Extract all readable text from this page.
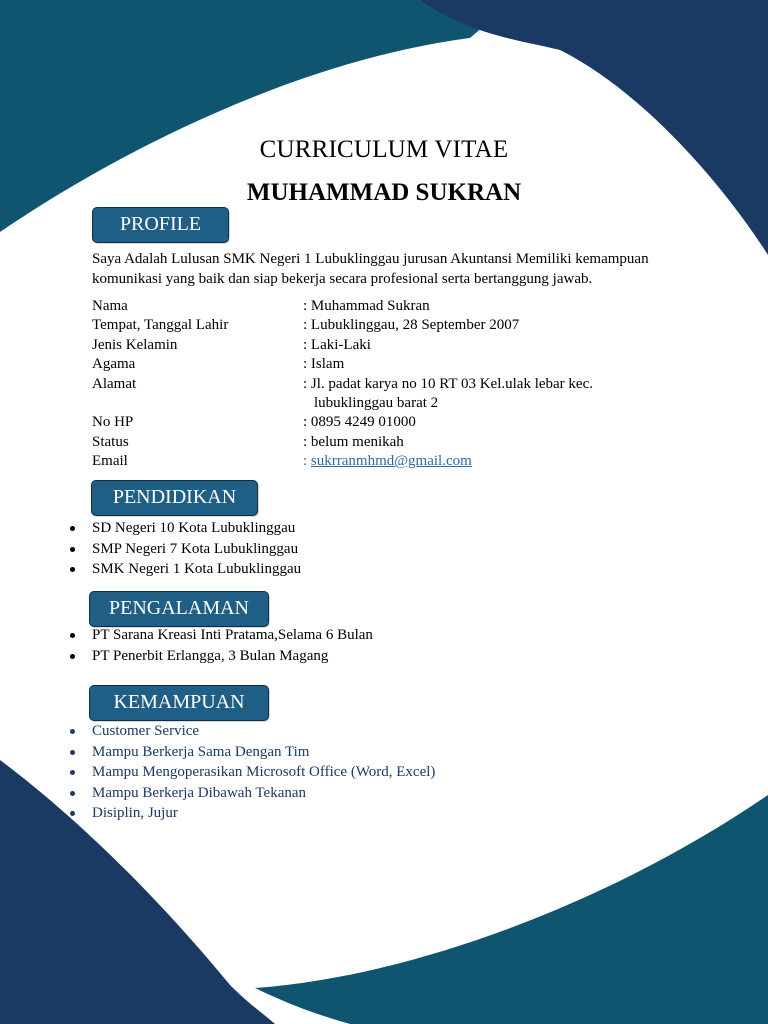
CURRICULUM VITAE
MUHAMMAD SUKRAN
PROFILE
Saya Adalah Lulusan SMK Negeri 1 Lubuklinggau jurusan Akuntansi Memiliki kemampuan komunikasi yang baik dan siap bekerja secara profesional serta bertanggung jawab.
Nama	: Muhammad Sukran
Tempat, Tanggal Lahir	: Lubuklinggau, 28 September 2007
Jenis Kelamin	: Laki-Laki
Agama	: Islam
Alamat	: Jl. padat karya no 10 RT 03 Kel.ulak lebar kec.
lubuklinggau barat 2
No HP	: 0895 4249 01000
Status	: belum menikah
Email	: sukrranmhmd@gmail.com
PENDIDIKAN
SD Negeri 10 Kota Lubuklinggau
SMP Negeri 7 Kota Lubuklinggau
SMK Negeri 1 Kota Lubuklinggau
PENGALAMAN
PT Sarana Kreasi Inti Pratama,Selama 6 Bulan
PT Penerbit Erlangga, 3 Bulan Magang
KEMAMPUAN
Customer Service
Mampu Berkerja Sama Dengan Tim
Mampu Mengoperasikan Microsoft Office (Word, Excel)
Mampu Berkerja Dibawah Tekanan
Disiplin, Jujur
